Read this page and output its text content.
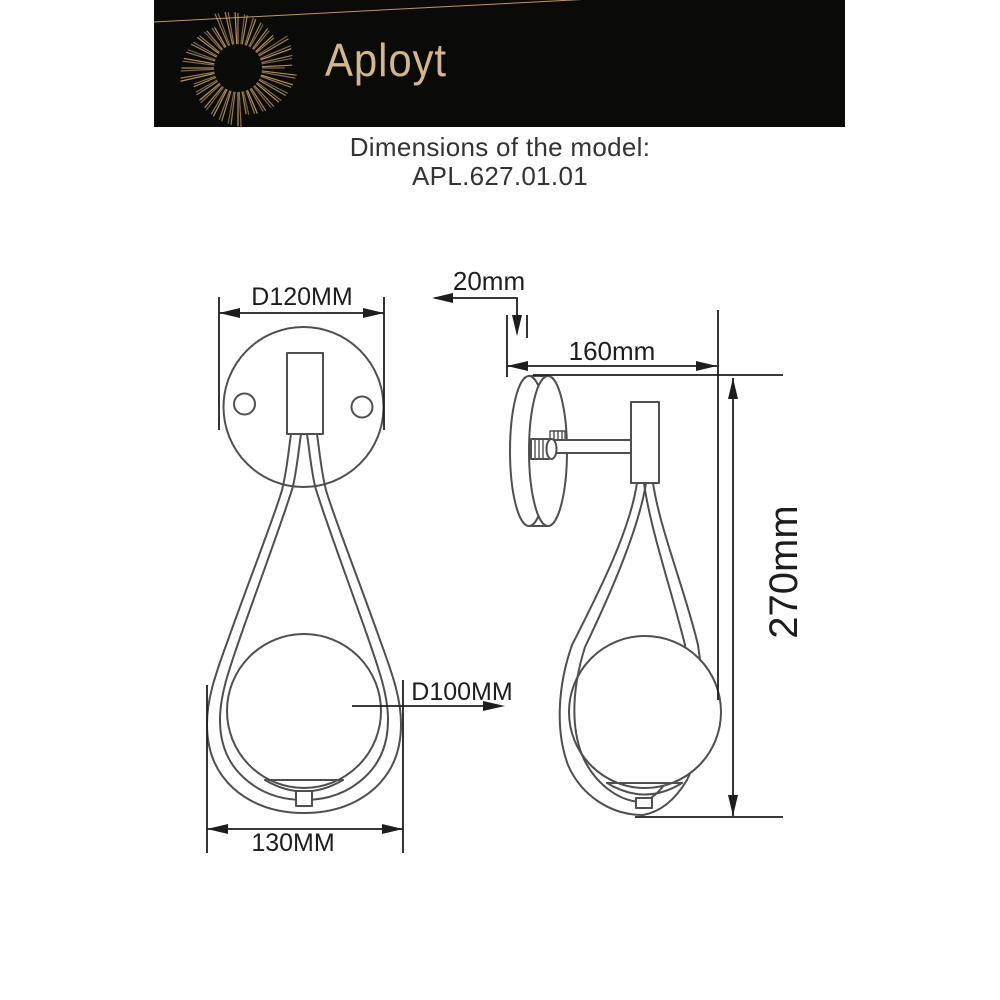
Aployt
Dimensions of the model:
APL.627.01.01
D120MM
D100MM
130MM
20mm
160mm
270mm
